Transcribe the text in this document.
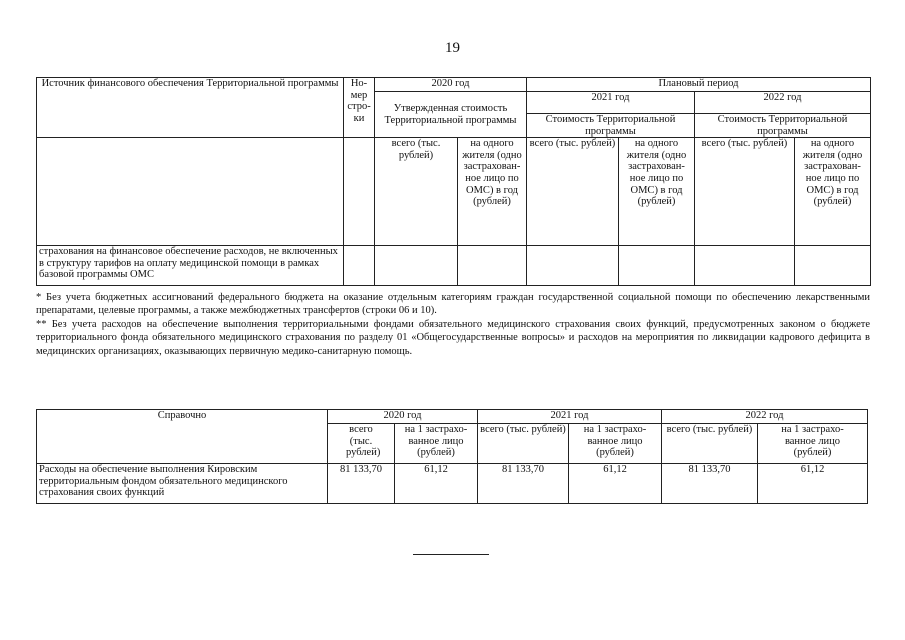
19
Источник финансового обеспечения Территориальной программы	Но-мер стро-ки	2020 год		Плановый период			

		Утвержденная стоимость Территориальной программы		2021 год		2022 год	
				Стоимость Территориальной программы		Стоимость Территориальной программы	
		всего (тыс. рублей)	на одного жителя (одно застрахован-ное лицо по ОМС) в год (рублей)	всего (тыс. рублей)	на одного жителя (одно застрахован-ное лицо по ОМС) в год (рублей)	всего (тыс. рублей)	на одного жителя (одно застрахован-ное лицо по ОМС) в год (рублей)
страхования на финансовое обеспечение расходов, не включенных в структуру тарифов на оплату медицинской помощи в рамках базовой программы ОМС							

* Без учета бюджетных ассигнований федерального бюджета на оказание отдельным категориям граждан государственной социальной помощи по обеспечению лекарственными препаратами, целевые программы, а также межбюджетных трансфертов (строки 06 и 10).

** Без учета расходов на обеспечение выполнения территориальными фондами обязательного медицинского страхования своих функций, предусмотренных законом о бюджете территориального фонда обязательного медицинского страхования по разделу 01 «Общегосударственные вопросы» и расходов на мероприятия по ликвидации кадрового дефицита в медицинских организациях, оказывающих первичную медико-санитарную помощь.

Справочно	2020 год		2021 год		2022 год	
	всего (тыс. рублей)	на 1 застрахо-ванное лицо (рублей)	всего (тыс. рублей)	на 1 застрахо-ванное лицо (рублей)	всего (тыс. рублей)	на 1 застрахо-ванное лицо (рублей)
Расходы на обеспечение выполнения Кировским территориальным фондом обязательного медицинского страхования своих функций	81 133,70	61,12	81 133,70	61,12	81 133,70	61,12
